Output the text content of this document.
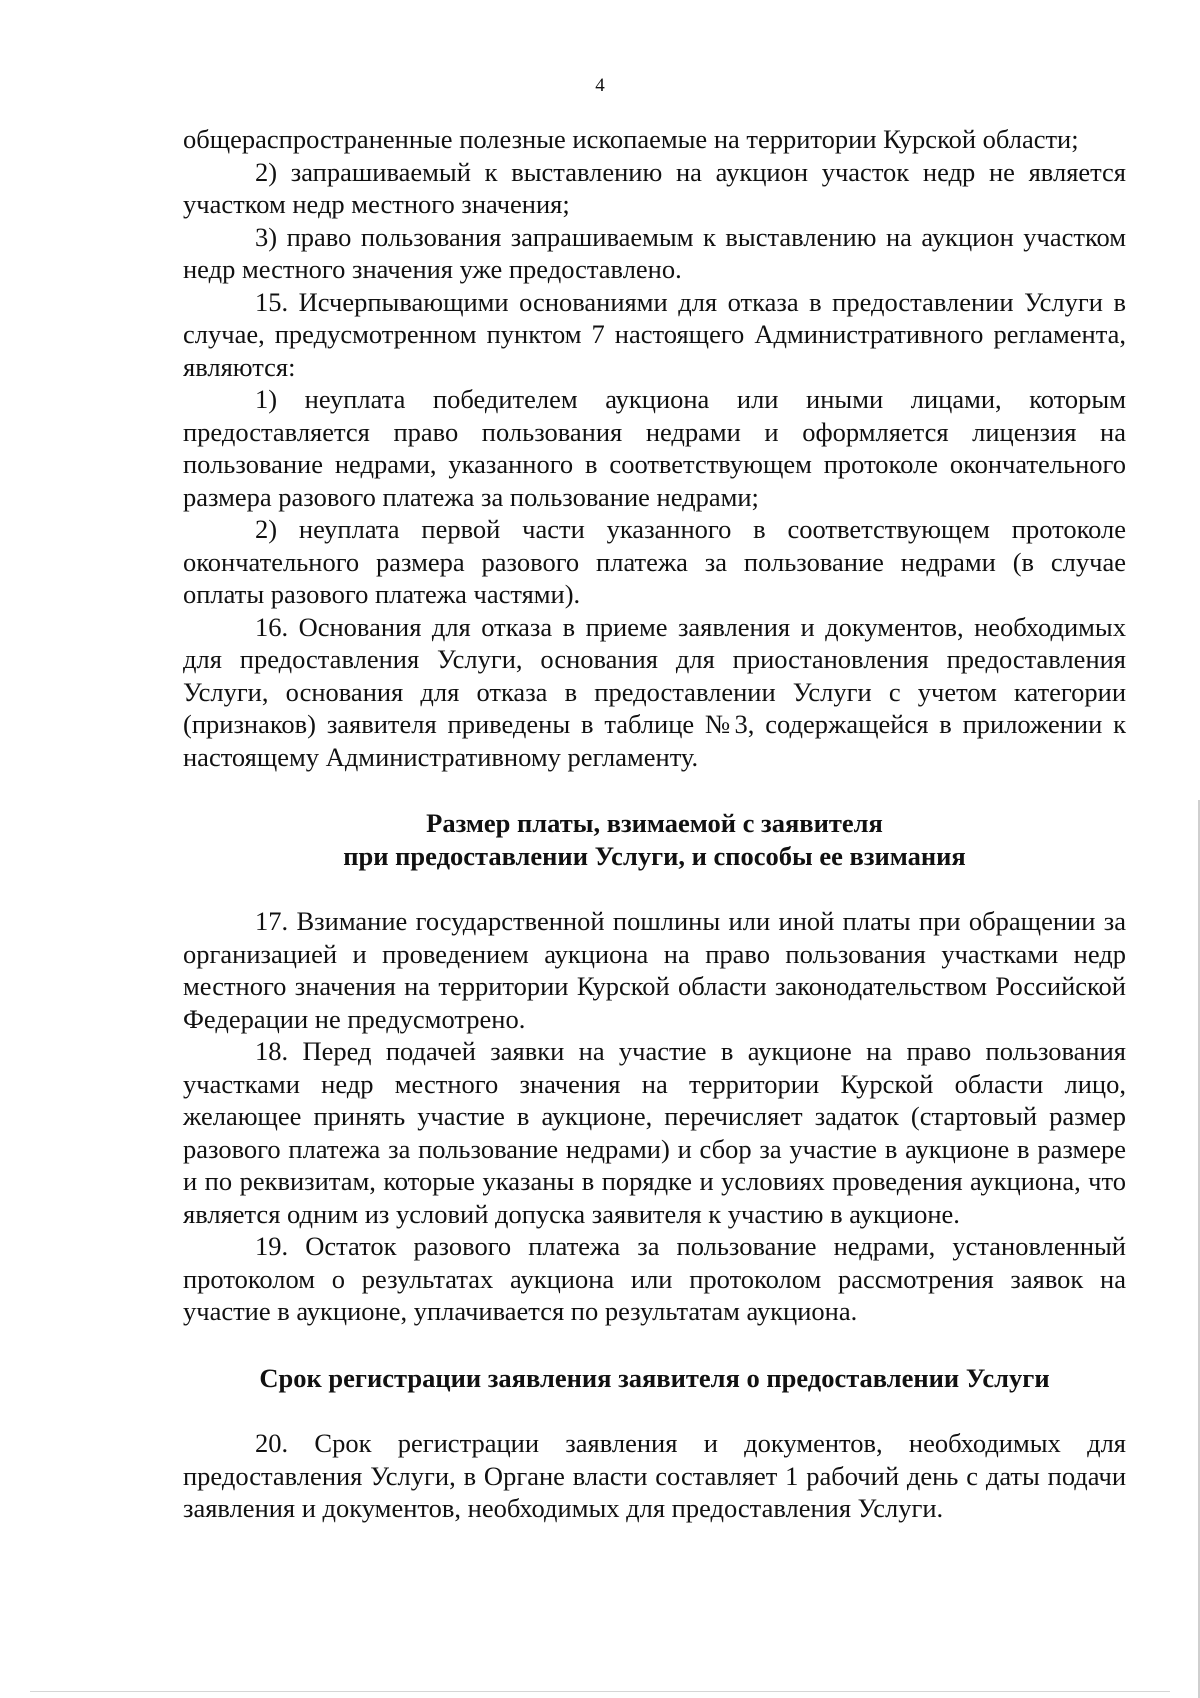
4

общераспространенные полезные ископаемые на территории Курской области;

2) запрашиваемый к выставлению на аукцион участок недр не является участком недр местного значения;

3) право пользования запрашиваемым к выставлению на аукцион участком недр местного значения уже предоставлено.

15. Исчерпывающими основаниями для отказа в предоставлении Услуги в случае, предусмотренном пунктом 7 настоящего Административного регламента, являются:

1) неуплата победителем аукциона или иными лицами, которым предоставляется право пользования недрами и оформляется лицензия на пользование недрами, указанного в соответствующем протоколе окончательного размера разового платежа за пользование недрами;

2) неуплата первой части указанного в соответствующем протоколе окончательного размера разового платежа за пользование недрами (в случае оплаты разового платежа частями).

16. Основания для отказа в приеме заявления и документов, необходимых для предоставления Услуги, основания для приостановления предоставления Услуги, основания для отказа в предоставлении Услуги с учетом категории (признаков) заявителя приведены в таблице №3, содержащейся в приложении к настоящему Административному регламенту.

Размер платы, взимаемой с заявителя

при предоставлении Услуги, и способы ее взимания

17. Взимание государственной пошлины или иной платы при обращении за организацией и проведением аукциона на право пользования участками недр местного значения на территории Курской области законодательством Российской Федерации не предусмотрено.

18. Перед подачей заявки на участие в аукционе на право пользования участками недр местного значения на территории Курской области лицо, желающее принять участие в аукционе, перечисляет задаток (стартовый размер разового платежа за пользование недрами) и сбор за участие в аукционе в размере и по реквизитам, которые указаны в порядке и условиях проведения аукциона, что является одним из условий допуска заявителя к участию в аукционе.

19. Остаток разового платежа за пользование недрами, установленный протоколом о результатах аукциона или протоколом рассмотрения заявок на участие в аукционе, уплачивается по результатам аукциона.

Срок регистрации заявления заявителя о предоставлении Услуги

20. Срок регистрации заявления и документов, необходимых для предоставления Услуги, в Органе власти составляет 1 рабочий день с даты подачи заявления и документов, необходимых для предоставления Услуги.
